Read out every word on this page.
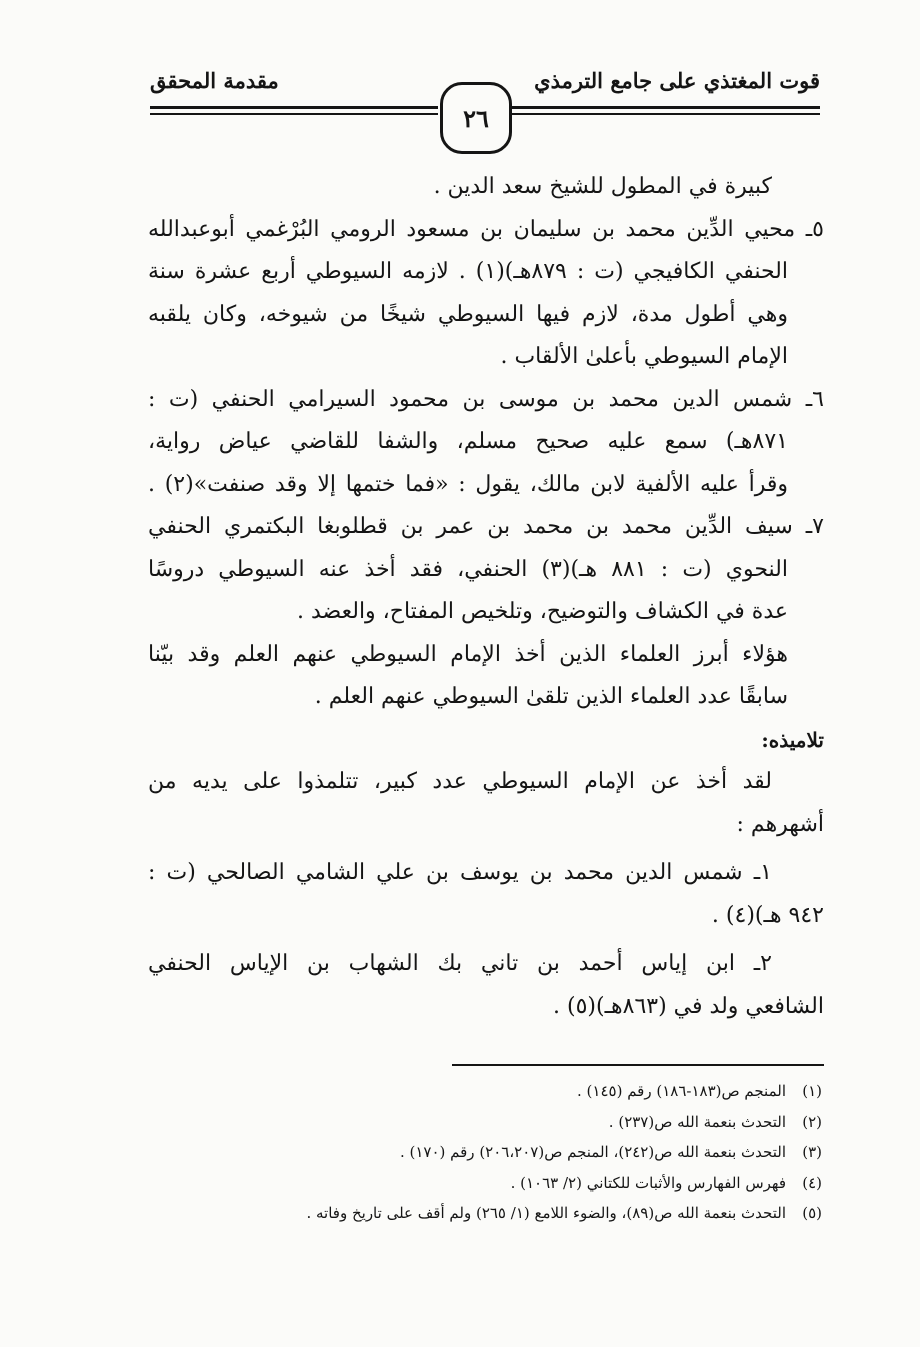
قوت المغتذي على جامع الترمذي
مقدمة المحقق
٢٦
كبيرة في المطول للشيخ سعد الدين .
٥ـ محيي الدِّين محمد بن سليمان بن مسعود الرومي البُرْغمي أبوعبدالله
الحنفي الكافيجي (ت : ٨٧٩هـ)(١) . لازمه السيوطي أربع عشرة سنة
وهي أطول مدة، لازم فيها السيوطي شيخًا من شيوخه، وكان يلقبه
الإمام السيوطي بأعلىٰ الألقاب .
٦ـ شمس الدين محمد بن موسى بن محمود السيرامي الحنفي (ت :
٨٧١هـ) سمع عليه صحيح مسلم، والشفا للقاضي عياض رواية،
وقرأ عليه الألفية لابن مالك، يقول : «فما ختمها إلا وقد صنفت»(٢) .
٧ـ سيف الدِّين محمد بن محمد بن عمر بن قطلوبغا البكتمري الحنفي
النحوي (ت : ٨٨١ هـ)(٣) الحنفي، فقد أخذ عنه السيوطي دروسًا
عدة في الكشاف والتوضيح، وتلخيص المفتاح، والعضد .
هؤلاء أبرز العلماء الذين أخذ الإمام السيوطي عنهم العلم وقد بيّنا
سابقًا عدد العلماء الذين تلقىٰ السيوطي عنهم العلم .
تلاميذه:
لقد أخذ عن الإمام السيوطي عدد كبير، تتلمذوا على يديه من
أشهرهم :
١ـ شمس الدين محمد بن يوسف بن علي الشامي الصالحي (ت :
٩٤٢ هـ)(٤) .
٢ـ ابن إياس أحمد بن تاني بك الشهاب بن الإياس الحنفي
الشافعي ولد في (٨٦٣هـ)(٥) .
(١)المنجم ص(١٨٣-١٨٦) رقم (١٤٥) .
(٢)التحدث بنعمة الله ص(٢٣٧) .
(٣)التحدث بنعمة الله ص(٢٤٢)، المنجم ص(٢٠٦،٢٠٧) رقم (١٧٠) .
(٤)فهرس الفهارس والأثبات للكتاني (٢/ ١٠٦٣) .
(٥)التحدث بنعمة الله ص(٨٩)، والضوء اللامع (١/ ٢٦٥) ولم أقف على تاريخ وفاته .
